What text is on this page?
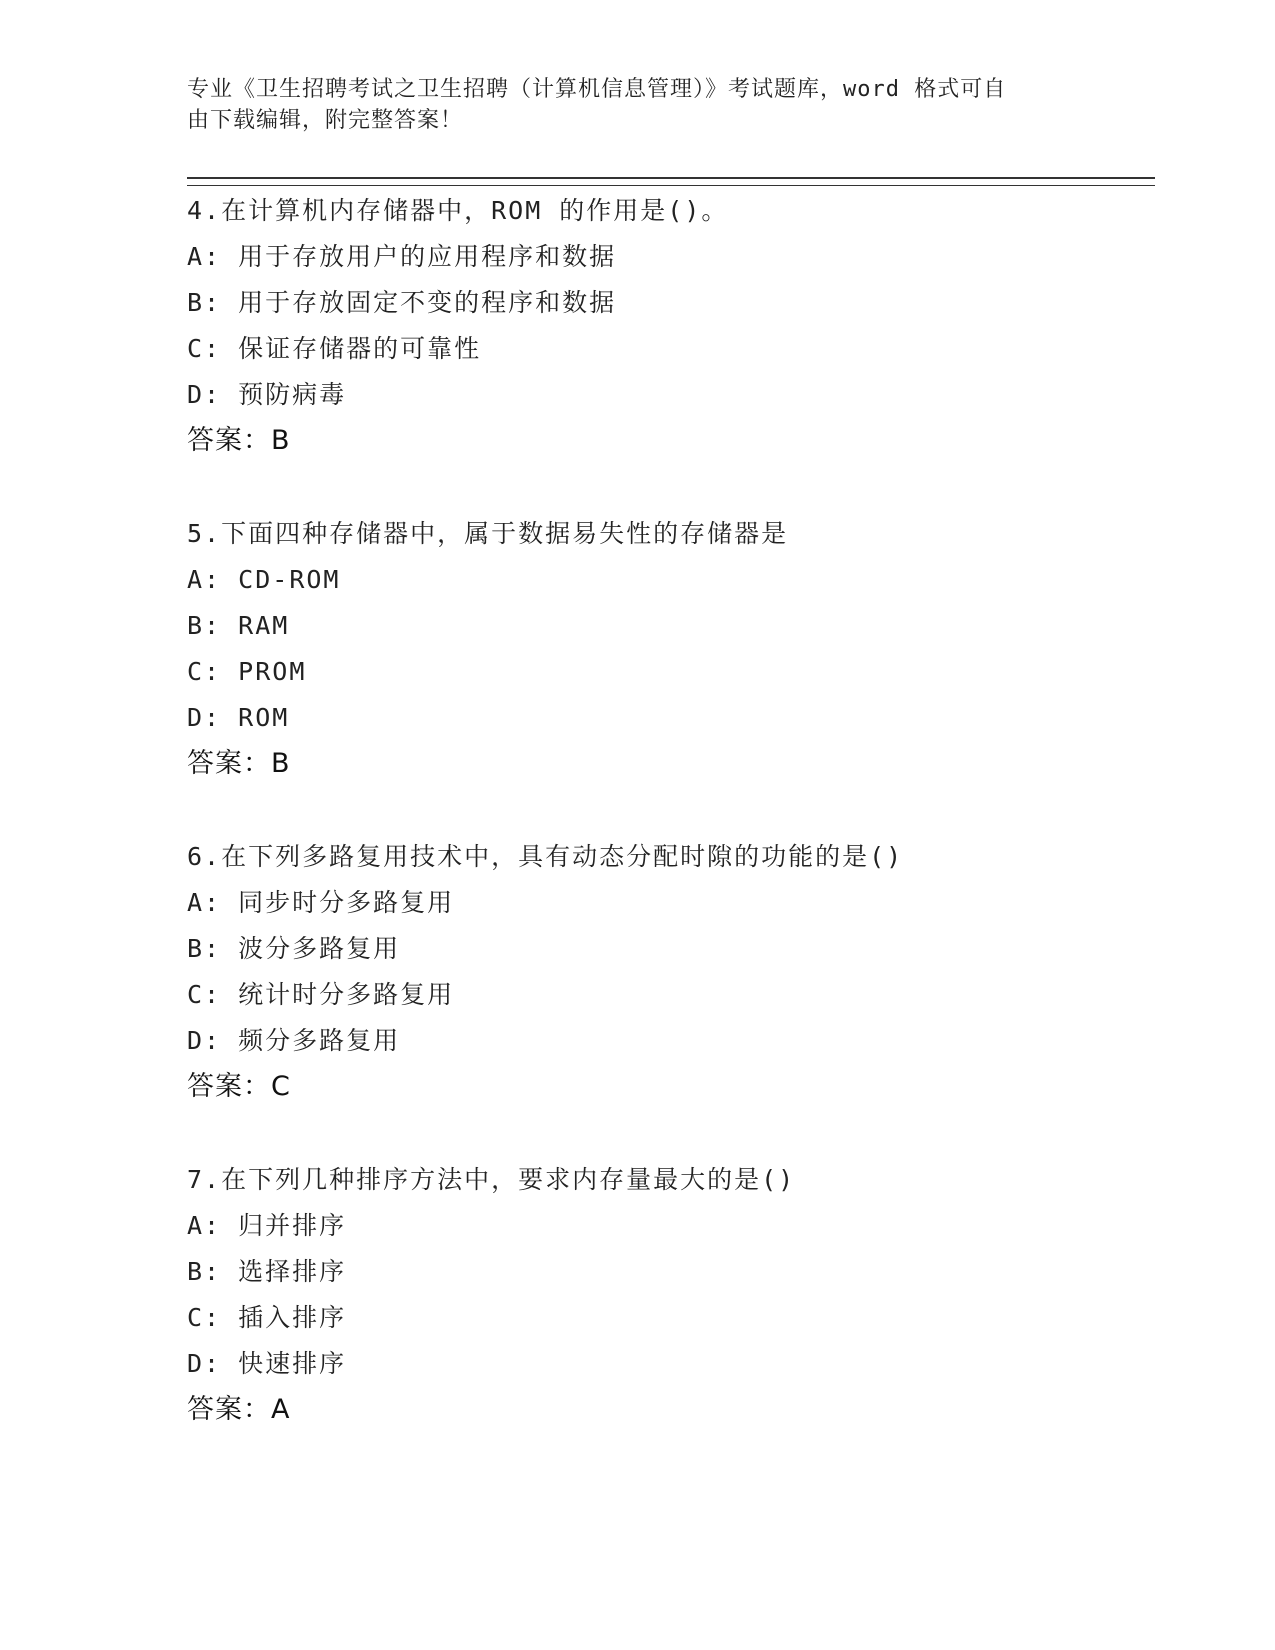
专业《卫生招聘考试之卫生招聘（计算机信息管理）》考试题库，word 格式可自
由下载编辑，附完整答案！
4.在计算机内存储器中，ROM 的作用是()。
A: 用于存放用户的应用程序和数据
B: 用于存放固定不变的程序和数据
C: 保证存储器的可靠性
D: 预防病毒
答案：B
5.下面四种存储器中，属于数据易失性的存储器是
A: CD-ROM
B: RAM
C: PROM
D: ROM
答案：B
6.在下列多路复用技术中，具有动态分配时隙的功能的是()
A: 同步时分多路复用
B: 波分多路复用
C: 统计时分多路复用
D: 频分多路复用
答案：C
7.在下列几种排序方法中，要求内存量最大的是()
A: 归并排序
B: 选择排序
C: 插入排序
D: 快速排序
答案：A
